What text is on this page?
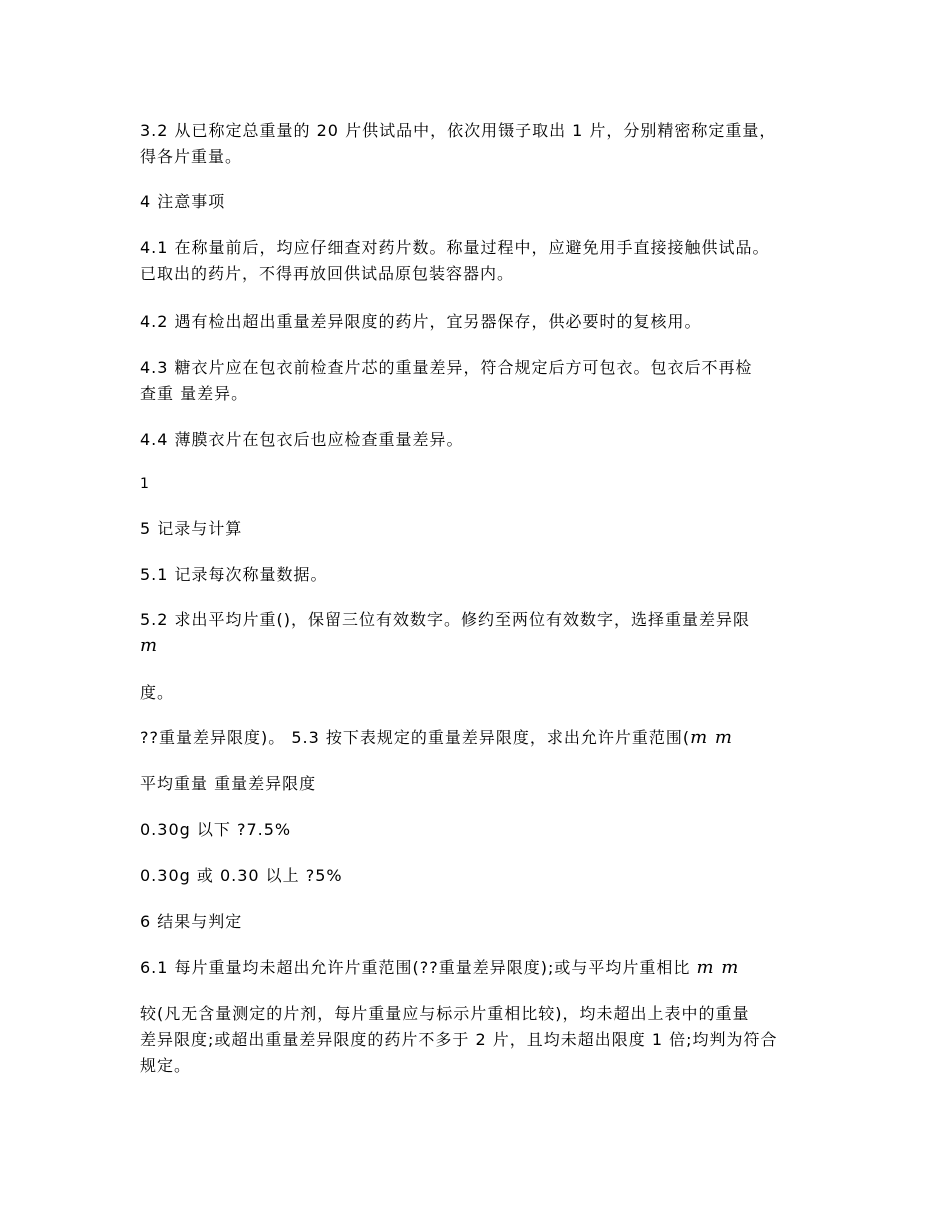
3.2 从已称定总重量的 20 片供试品中，依次用镊子取出 1 片，分别精密称定重量，
得各片重量。
4 注意事项
4.1 在称量前后，均应仔细查对药片数。称量过程中，应避免用手直接接触供试品。
已取出的药片，不得再放回供试品原包装容器内。
4.2 遇有检出超出重量差异限度的药片，宜另器保存，供必要时的复核用。
4.3 糖衣片应在包衣前检查片芯的重量差异，符合规定后方可包衣。包衣后不再检
查重 量差异。
4.4 薄膜衣片在包衣后也应检查重量差异。
1
5 记录与计算
5.1 记录每次称量数据。
5.2 求出平均片重()，保留三位有效数字。修约至两位有效数字，选择重量差异限
m
度。
??重量差异限度)。 5.3 按下表规定的重量差异限度，求出允许片重范围(m m
平均重量 重量差异限度
0.30g 以下 ?7.5%
0.30g 或 0.30 以上 ?5%
6 结果与判定
6.1 每片重量均未超出允许片重范围(??重量差异限度);或与平均片重相比 m m
较(凡无含量测定的片剂，每片重量应与标示片重相比较)，均未超出上表中的重量
差异限度;或超出重量差异限度的药片不多于 2 片，且均未超出限度 1 倍;均判为符合
规定。
